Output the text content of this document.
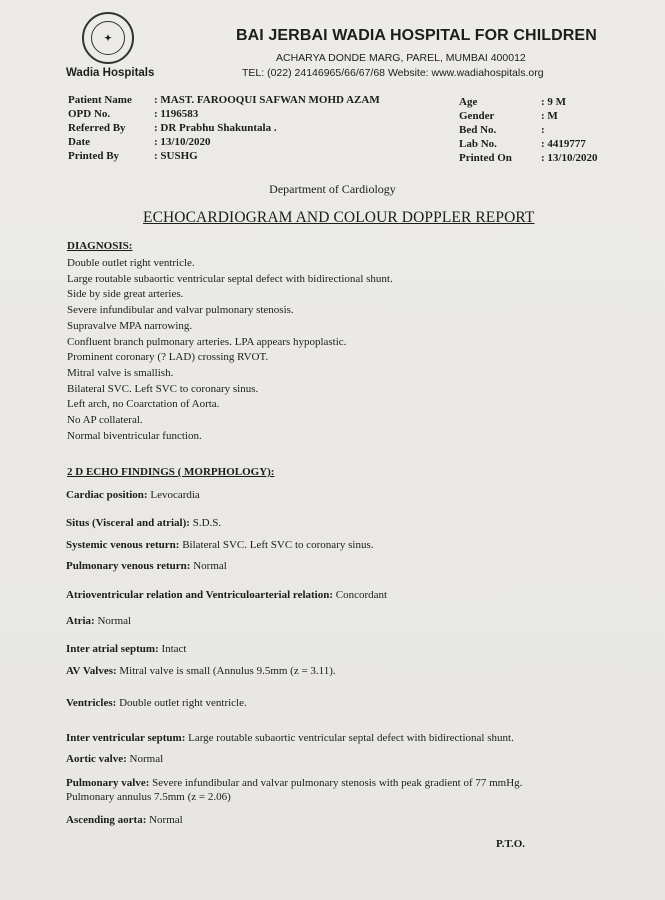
✦
Wadia Hospitals
BAI JERBAI WADIA HOSPITAL FOR CHILDREN
ACHARYA DONDE MARG, PAREL, MUMBAI 400012
TEL: (022) 24146965/66/67/68 Website: www.wadiahospitals.org
Patient Name	: MAST. FAROOQUI SAFWAN MOHD AZAM
OPD No.	: 1196583
Referred By	: DR Prabhu Shakuntala .
Date	: 13/10/2020
Printed By	: SUSHG
Age	: 9 M
Gender	: M
Bed No.	:
Lab No.	: 4419777
Printed On	: 13/10/2020
Department of Cardiology
ECHOCARDIOGRAM AND COLOUR DOPPLER REPORT
DIAGNOSIS:
Double outlet right ventricle.
Large routable subaortic ventricular septal defect with bidirectional shunt.
Side by side great arteries.
Severe infundibular and valvar pulmonary stenosis.
Supravalve MPA narrowing.
Confluent branch pulmonary arteries. LPA appears hypoplastic.
Prominent coronary (? LAD) crossing RVOT.
Mitral valve is smallish.
Bilateral SVC. Left SVC to coronary sinus.
Left arch, no Coarctation of Aorta.
No AP collateral.
Normal biventricular function.
2 D ECHO FINDINGS ( MORPHOLOGY):
Cardiac position: Levocardia
Situs (Visceral and atrial): S.D.S.
Systemic venous return: Bilateral SVC. Left SVC to coronary sinus.
Pulmonary venous return: Normal
Atrioventricular relation and Ventriculoarterial relation: Concordant
Atria: Normal
Inter atrial septum: Intact
AV Valves: Mitral valve is small (Annulus 9.5mm (z = 3.11).
Ventricles: Double outlet right ventricle.
Inter ventricular septum: Large routable subaortic ventricular septal defect with bidirectional shunt.
Aortic valve: Normal
Pulmonary valve: Severe infundibular and valvar pulmonary stenosis with peak gradient of 77 mmHg.
Pulmonary annulus 7.5mm (z = 2.06)
Ascending aorta: Normal
P.T.O.
